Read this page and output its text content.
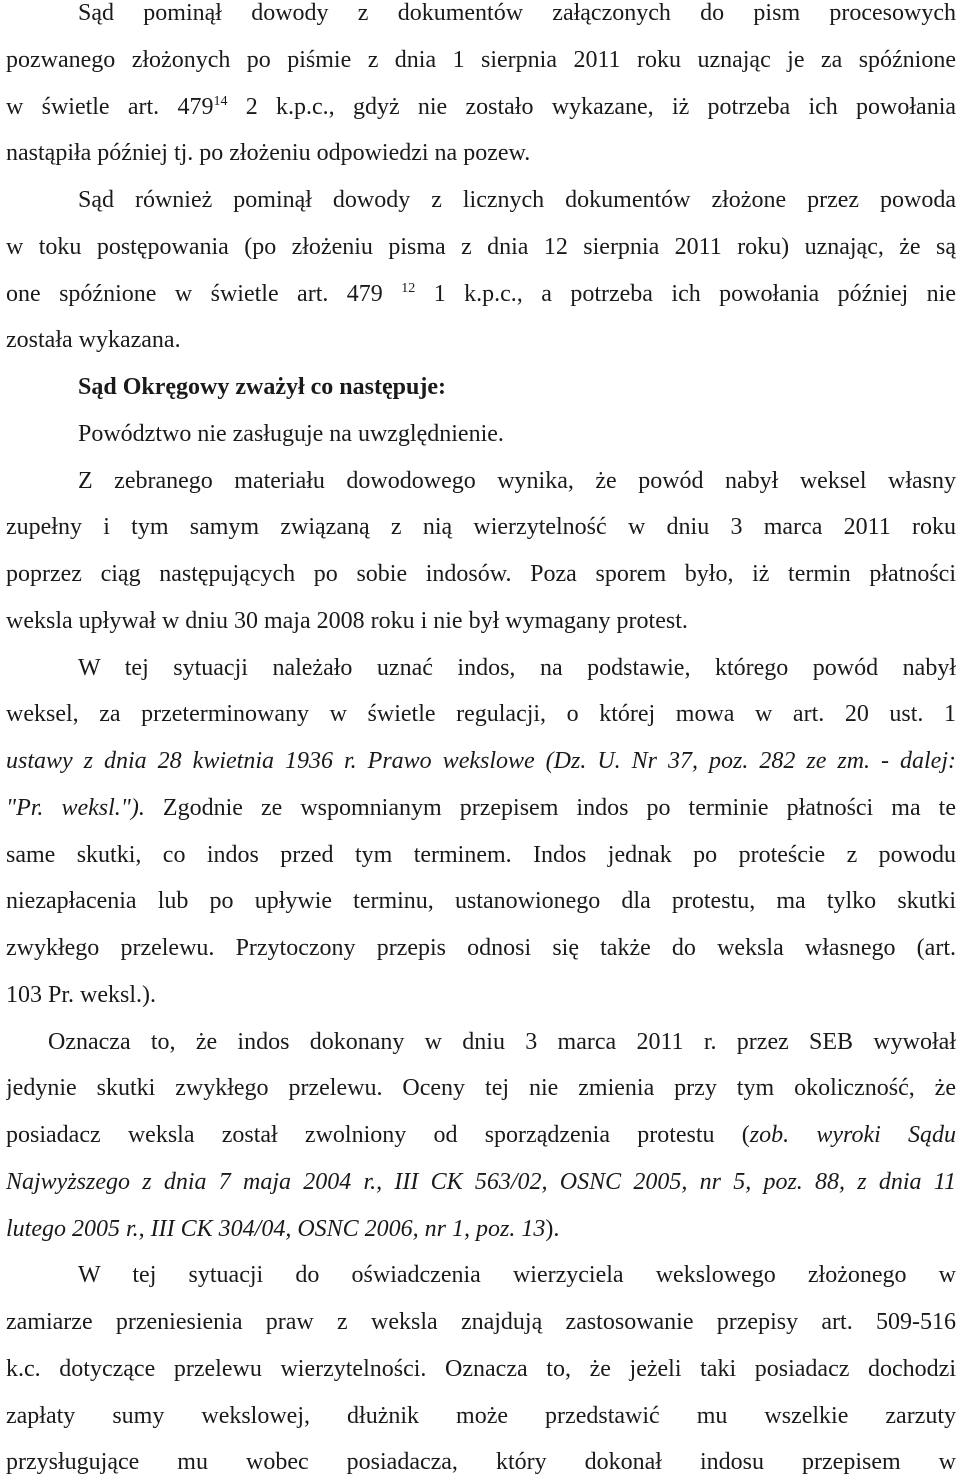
Sąd pominął dowody z dokumentów załączonych do pism procesowych
pozwanego złożonych po piśmie z dnia 1 sierpnia 2011 roku uznając je za spóźnione
w świetle art. $479^{14}$ 2 k.p.c., gdyż nie zostało wykazane, iż potrzeba ich powołania
nastąpiła później tj. po złożeniu odpowiedzi na pozew.
Sąd również pominął dowody z licznych dokumentów złożone przez powoda
w toku postępowania (po złożeniu pisma z dnia 12 sierpnia 2011 roku) uznając, że są
one spóźnione w świetle art. 479 $^{12}$ 1 k.p.c., a potrzeba ich powołania później nie
została wykazana.
Sąd Okręgowy zważył co następuje:
Powództwo nie zasługuje na uwzględnienie.
Z zebranego materiału dowodowego wynika, że powód nabył weksel własny
zupełny i tym samym związaną z nią wierzytelność w dniu 3 marca 2011 roku
poprzez ciąg następujących po sobie indosów. Poza sporem było, iż termin płatności
weksla upływał w dniu 30 maja 2008 roku i nie był wymagany protest.
W tej sytuacji należało uznać indos, na podstawie, którego powód nabył
weksel, za przeterminowany w świetle regulacji, o której mowa w art. 20 ust. 1
ustawy z dnia 28 kwietnia 1936 r. Prawo wekslowe (Dz. U. Nr 37, poz. 282 ze zm. - dalej:
"Pr. weksl."). Zgodnie ze wspomnianym przepisem indos po terminie płatności ma te
same skutki, co indos przed tym terminem. Indos jednak po proteście z powodu
niezapłacenia lub po upływie terminu, ustanowionego dla protestu, ma tylko skutki
zwykłego przelewu. Przytoczony przepis odnosi się także do weksla własnego (art.
103 Pr. weksl.).
Oznacza to, że indos dokonany w dniu 3 marca 2011 r. przez SEB wywołał
jedynie skutki zwykłego przelewu. Oceny tej nie zmienia przy tym okoliczność, że
posiadacz weksla został zwolniony od sporządzenia protestu (zob. wyroki Sądu
Najwyższego z dnia 7 maja 2004 r., III CK 563/02, OSNC 2005, nr 5, poz. 88, z dnia 11
lutego 2005 r., III CK 304/04, OSNC 2006, nr 1, poz. 13).
W tej sytuacji do oświadczenia wierzyciela wekslowego złożonego w
zamiarze przeniesienia praw z weksla znajdują zastosowanie przepisy art. 509-516
k.c. dotyczące przelewu wierzytelności. Oznacza to, że jeżeli taki posiadacz dochodzi
zapłaty sumy wekslowej, dłużnik może przedstawić mu wszelkie zarzuty
przysługujące mu wobec posiadacza, który dokonał indosu przepisem w
